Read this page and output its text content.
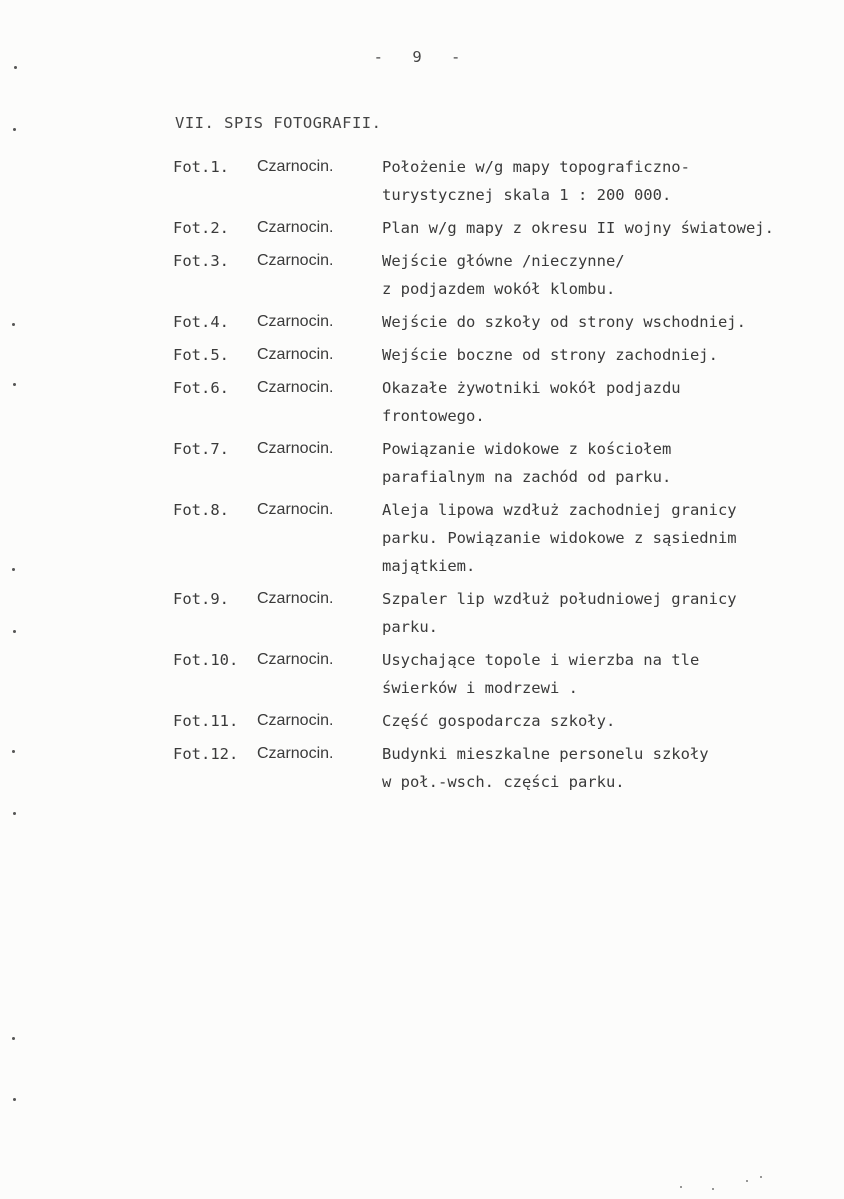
- 9 -
VII. SPIS FOTOGRAFII.
Fot.1.	Czarnocin.	Położenie w/g mapy topograficzno-
turystycznej skala 1 : 200 000.
Fot.2.	Czarnocin.	Plan w/g mapy z okresu II wojny światowej.
Fot.3.	Czarnocin.	Wejście główne /nieczynne/
z podjazdem wokół klombu.
Fot.4.	Czarnocin.	Wejście do szkoły od strony wschodniej.
Fot.5.	Czarnocin.	Wejście boczne od strony zachodniej.
Fot.6.	Czarnocin.	Okazałe żywotniki wokół podjazdu
frontowego.
Fot.7.	Czarnocin.	Powiązanie widokowe z kościołem
parafialnym na zachód od parku.
Fot.8.	Czarnocin.	Aleja lipowa wzdłuż zachodniej granicy
parku. Powiązanie widokowe z sąsiednim
majątkiem.
Fot.9.	Czarnocin.	Szpaler lip wzdłuż południowej granicy
parku.
Fot.10.	Czarnocin.	Usychające topole i wierzba na tle
świerków i modrzewi .
Fot.11.	Czarnocin.	Część gospodarcza szkoły.
Fot.12.	Czarnocin.	Budynki mieszkalne personelu szkoły
w poł.-wsch. części parku.
